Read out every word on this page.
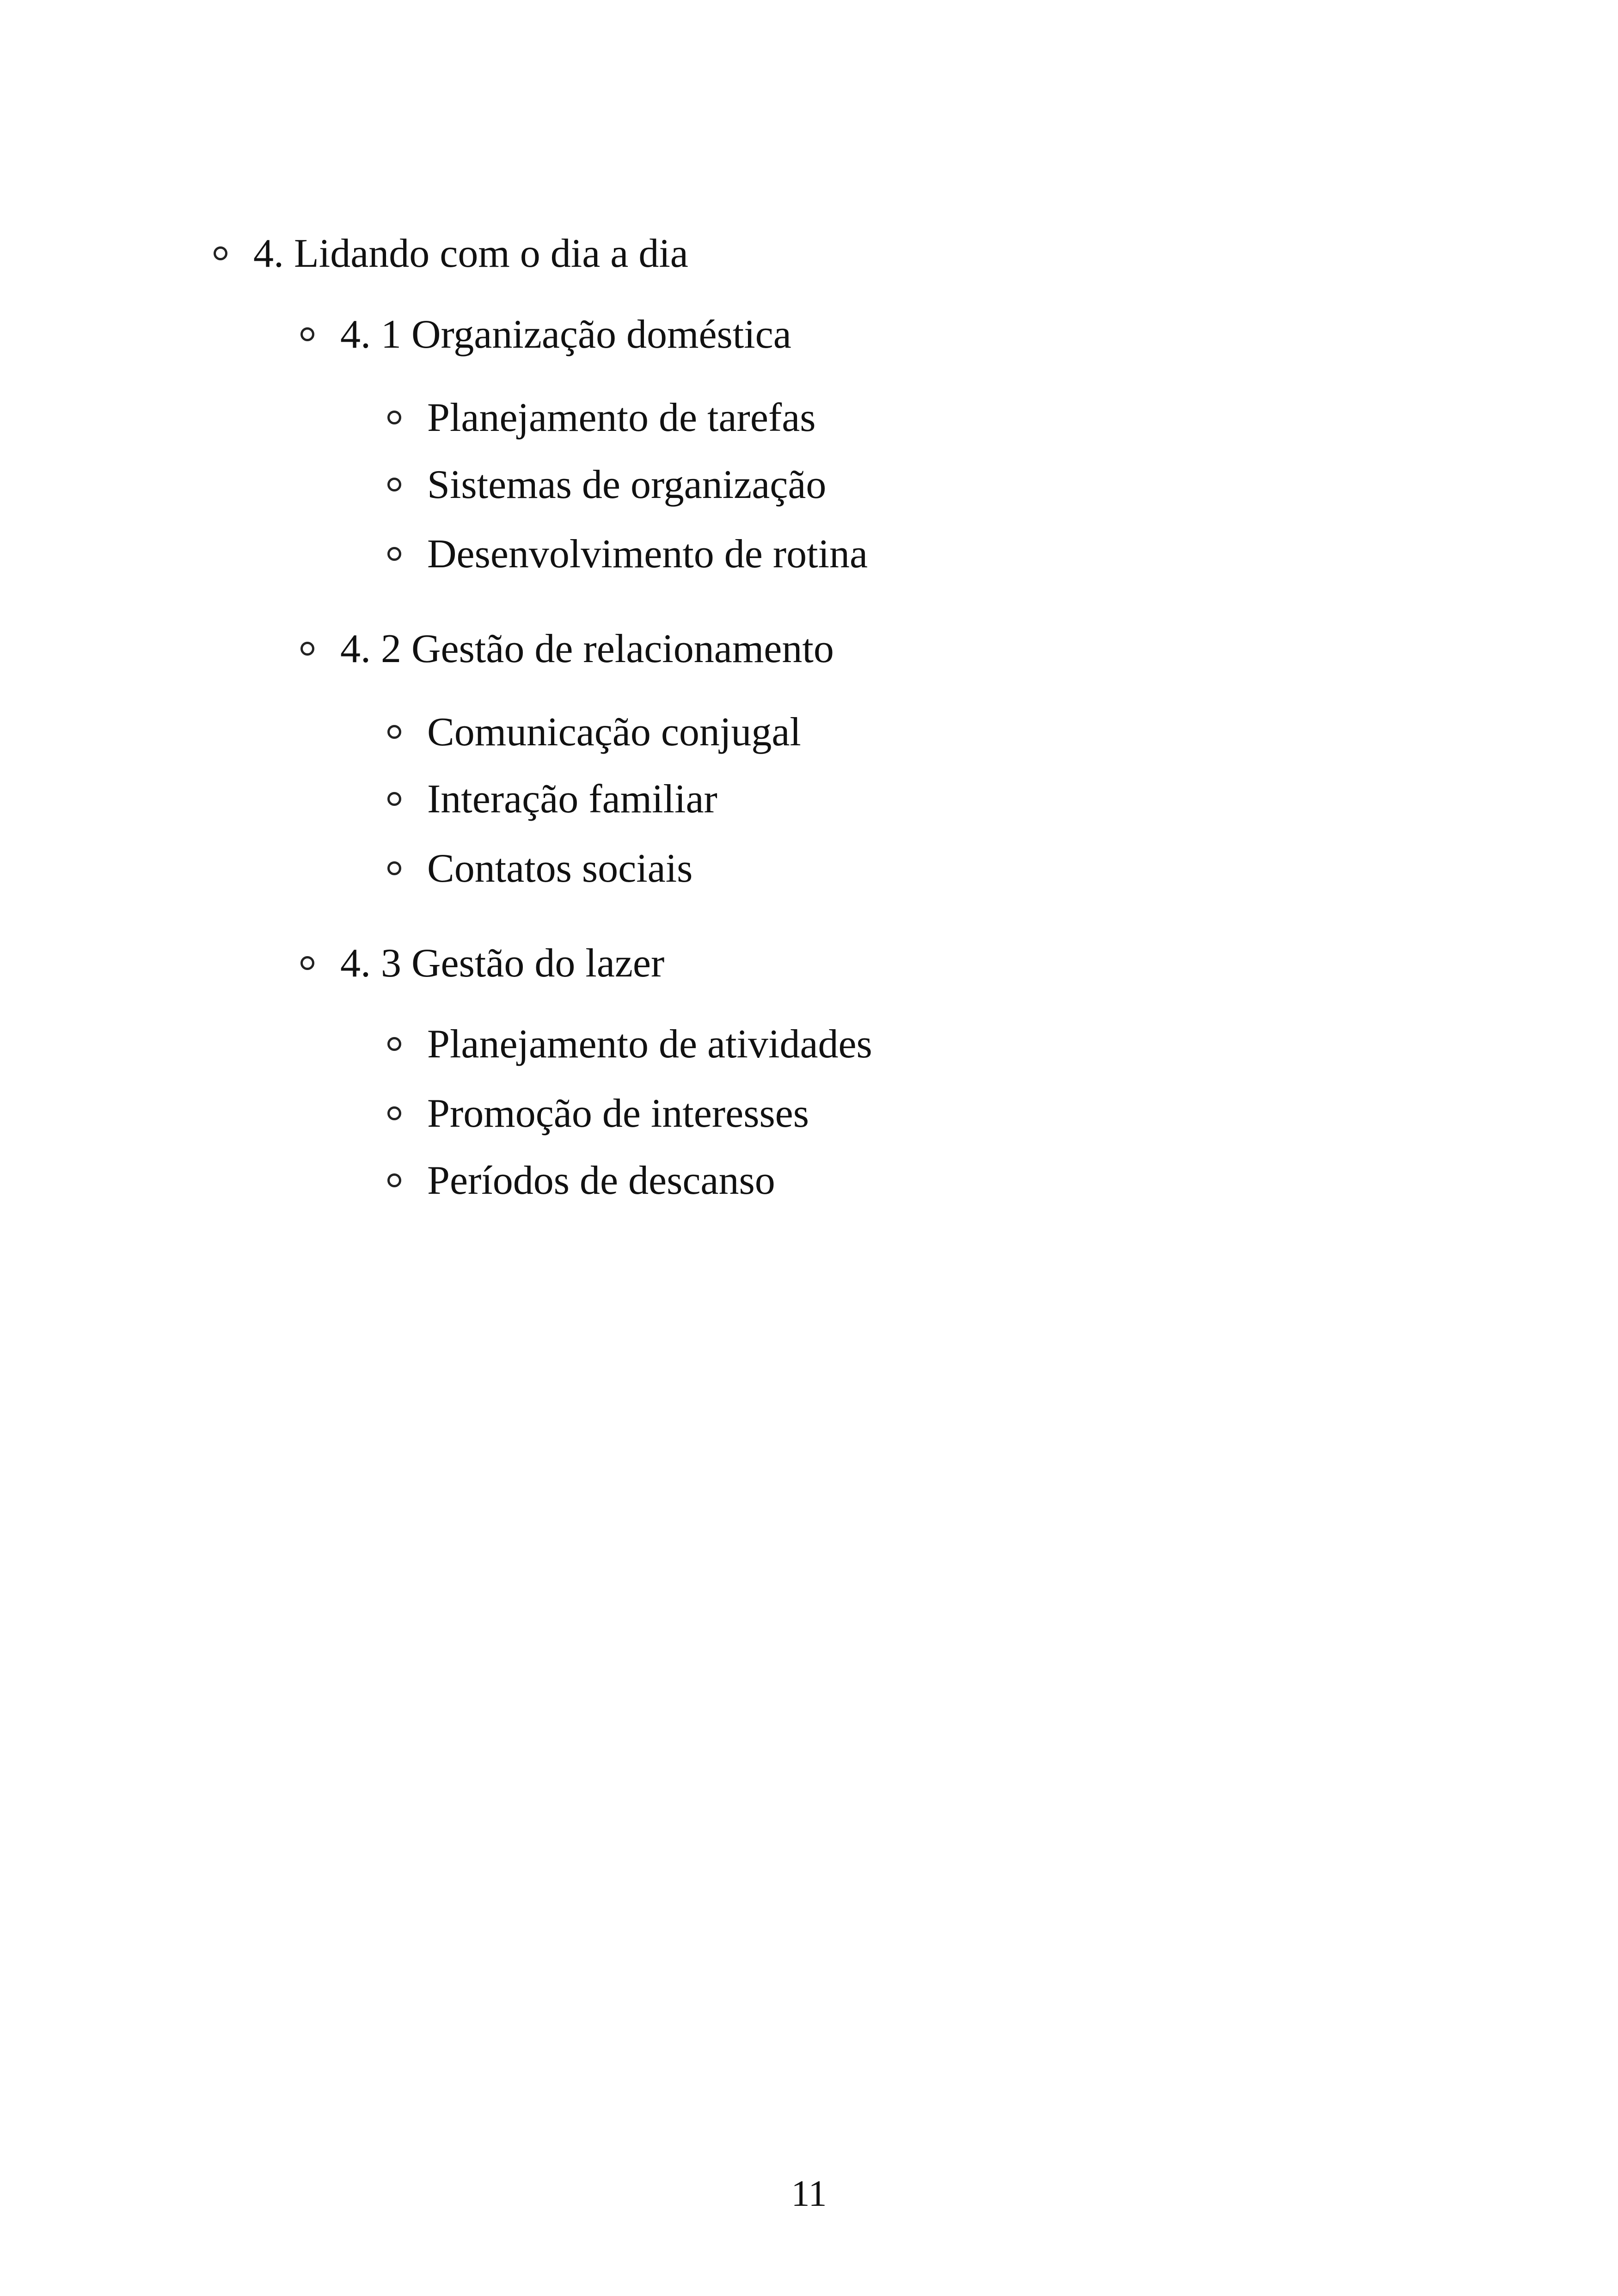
4. Lidando com o dia a dia
4. 1 Organização doméstica
Planejamento de tarefas
Sistemas de organização
Desenvolvimento de rotina
4. 2 Gestão de relacionamento
Comunicação conjugal
Interação familiar
Contatos sociais
4. 3 Gestão do lazer
Planejamento de atividades
Promoção de interesses
Períodos de descanso
11
